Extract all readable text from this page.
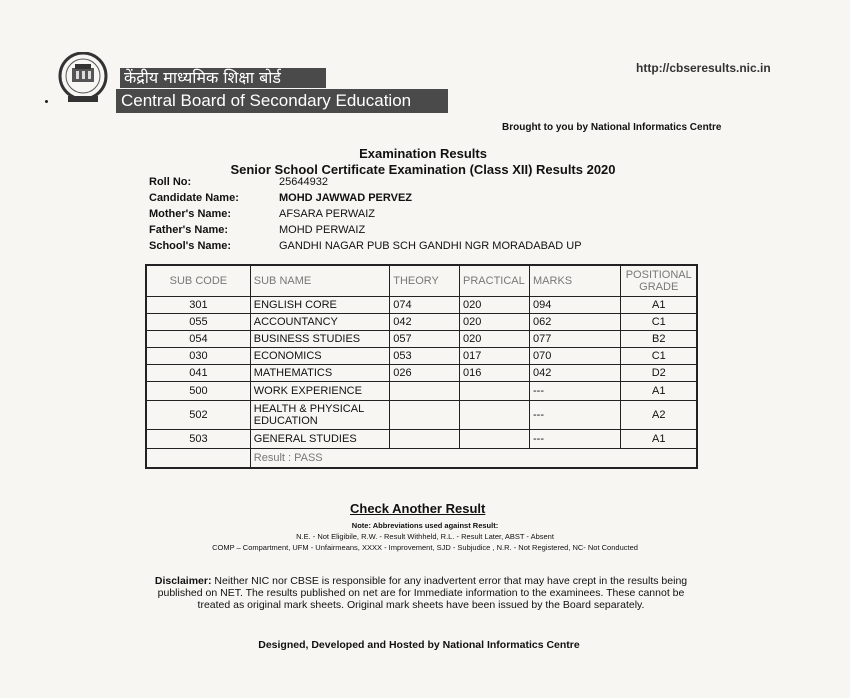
केंद्रीय माध्यमिक शिक्षा बोर्ड
Central Board of Secondary Education
http://cbseresults.nic.in
Brought to you by National Informatics Centre
Examination Results
Senior School Certificate Examination (Class XII) Results 2020
Roll No:	25644932
Candidate Name:	MOHD JAWWAD PERVEZ
Mother's Name:	AFSARA PERWAIZ
Father's Name:	MOHD PERWAIZ
School's Name:	GANDHI NAGAR PUB SCH GANDHI NGR MORADABAD UP
SUB CODE	SUB NAME	THEORY	PRACTICAL	MARKS	POSITIONAL GRADE
301	ENGLISH CORE	074	020	094	A1
055	ACCOUNTANCY	042	020	062	C1
054	BUSINESS STUDIES	057	020	077	B2
030	ECONOMICS	053	017	070	C1
041	MATHEMATICS	026	016	042	D2
500	WORK EXPERIENCE			---	A1
502	HEALTH & PHYSICAL EDUCATION			---	A2
503	GENERAL STUDIES			---	A1
	Result : PASS				
Check Another Result
Note: Abbreviations used against Result:
N.E. - Not Eligibile, R.W. - Result Withheld, R.L. - Result Later, ABST - Absent
COMP – Compartment, UFM - Unfairmeans, XXXX - Improvement, SJD - Subjudice , N.R. - Not Registered, NC- Not Conducted
Disclaimer: Neither NIC nor CBSE is responsible for any inadvertent error that may have crept in the results being published on NET. The results published on net are for Immediate information to the examinees. These cannot be treated as original mark sheets. Original mark sheets have been issued by the Board separately.
Designed, Developed and Hosted by National Informatics Centre
